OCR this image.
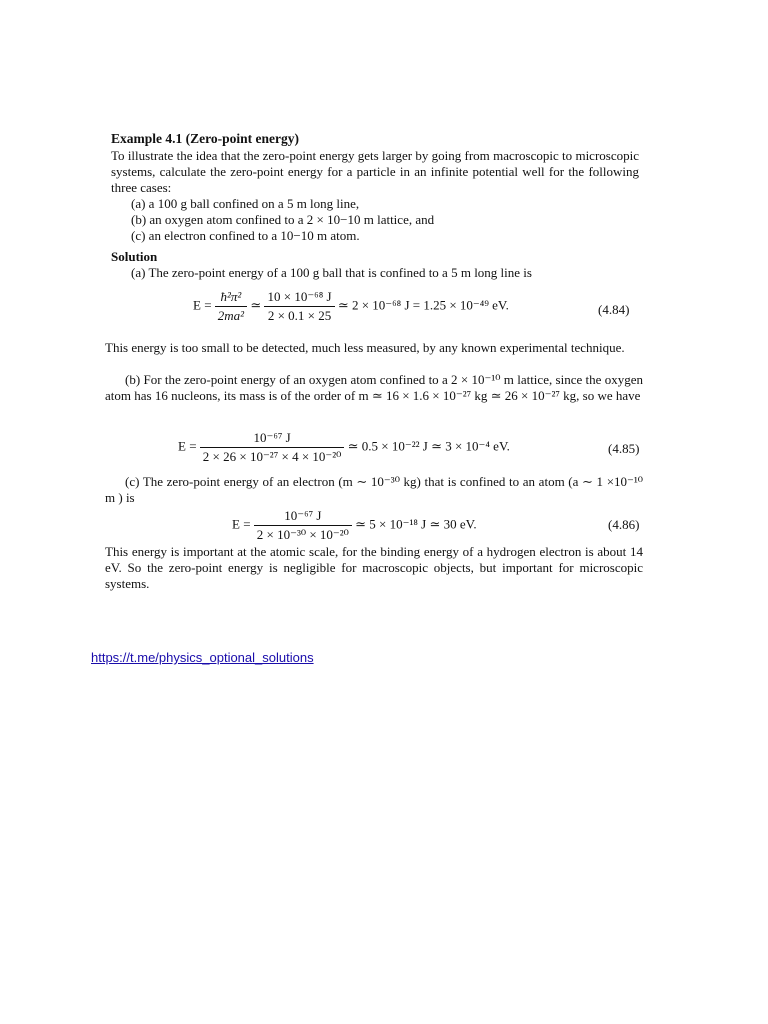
Example 4.1 (Zero-point energy)
To illustrate the idea that the zero-point energy gets larger by going from macroscopic to microscopic systems, calculate the zero-point energy for a particle in an infinite potential well for the following three cases:
(a) a 100 g ball confined on a 5 m long line,
(b) an oxygen atom confined to a 2 × 10−10 m lattice, and
(c) an electron confined to a 10−10 m atom.
Solution
(a) The zero-point energy of a 100 g ball that is confined to a 5 m long line is
$E = \frac{\text{ħ²π²}}{\text{2ma²}}$ ≃ $\frac{\text{10 × 10⁻⁶⁸ J}}{2 \times 0.1 \times 25}$ ≃ 2 × 10⁻⁶⁸ J = 1.25 × 10⁻⁴⁹ eV.	(4.84)
This energy is too small to be detected, much less measured, by any known experimental technique.
(b) For the zero-point energy of an oxygen atom confined to a 2 × 10⁻¹⁰ m lattice, since the oxygen atom has 16 nucleons, its mass is of the order of m ≃ 16 × 1.6 × 10⁻²⁷ kg ≃ 26 × 10⁻²⁷ kg, so we have
$E = \frac{\text{10⁻⁶⁷ J}}{\text{2 × 26 × 10⁻²⁷ × 4 × 10⁻²⁰}}$ ≃ 0.5 × 10⁻²² J ≃ 3 × 10⁻⁴ eV.	(4.85)
(c) The zero-point energy of an electron (m ∼ 10⁻³⁰ kg) that is confined to an atom (a ∼ 1 ×10⁻¹⁰ m ) is
$E = \frac{\text{10⁻⁶⁷ J}}{\text{2 × 10⁻³⁰ × 10⁻²⁰}}$ ≃ 5 × 10⁻¹⁸ J ≃ 30 eV.	(4.86)
This energy is important at the atomic scale, for the binding energy of a hydrogen electron is about 14 eV. So the zero-point energy is negligible for macroscopic objects, but important for microscopic systems.
https://t.me/physics_optional_solutions
